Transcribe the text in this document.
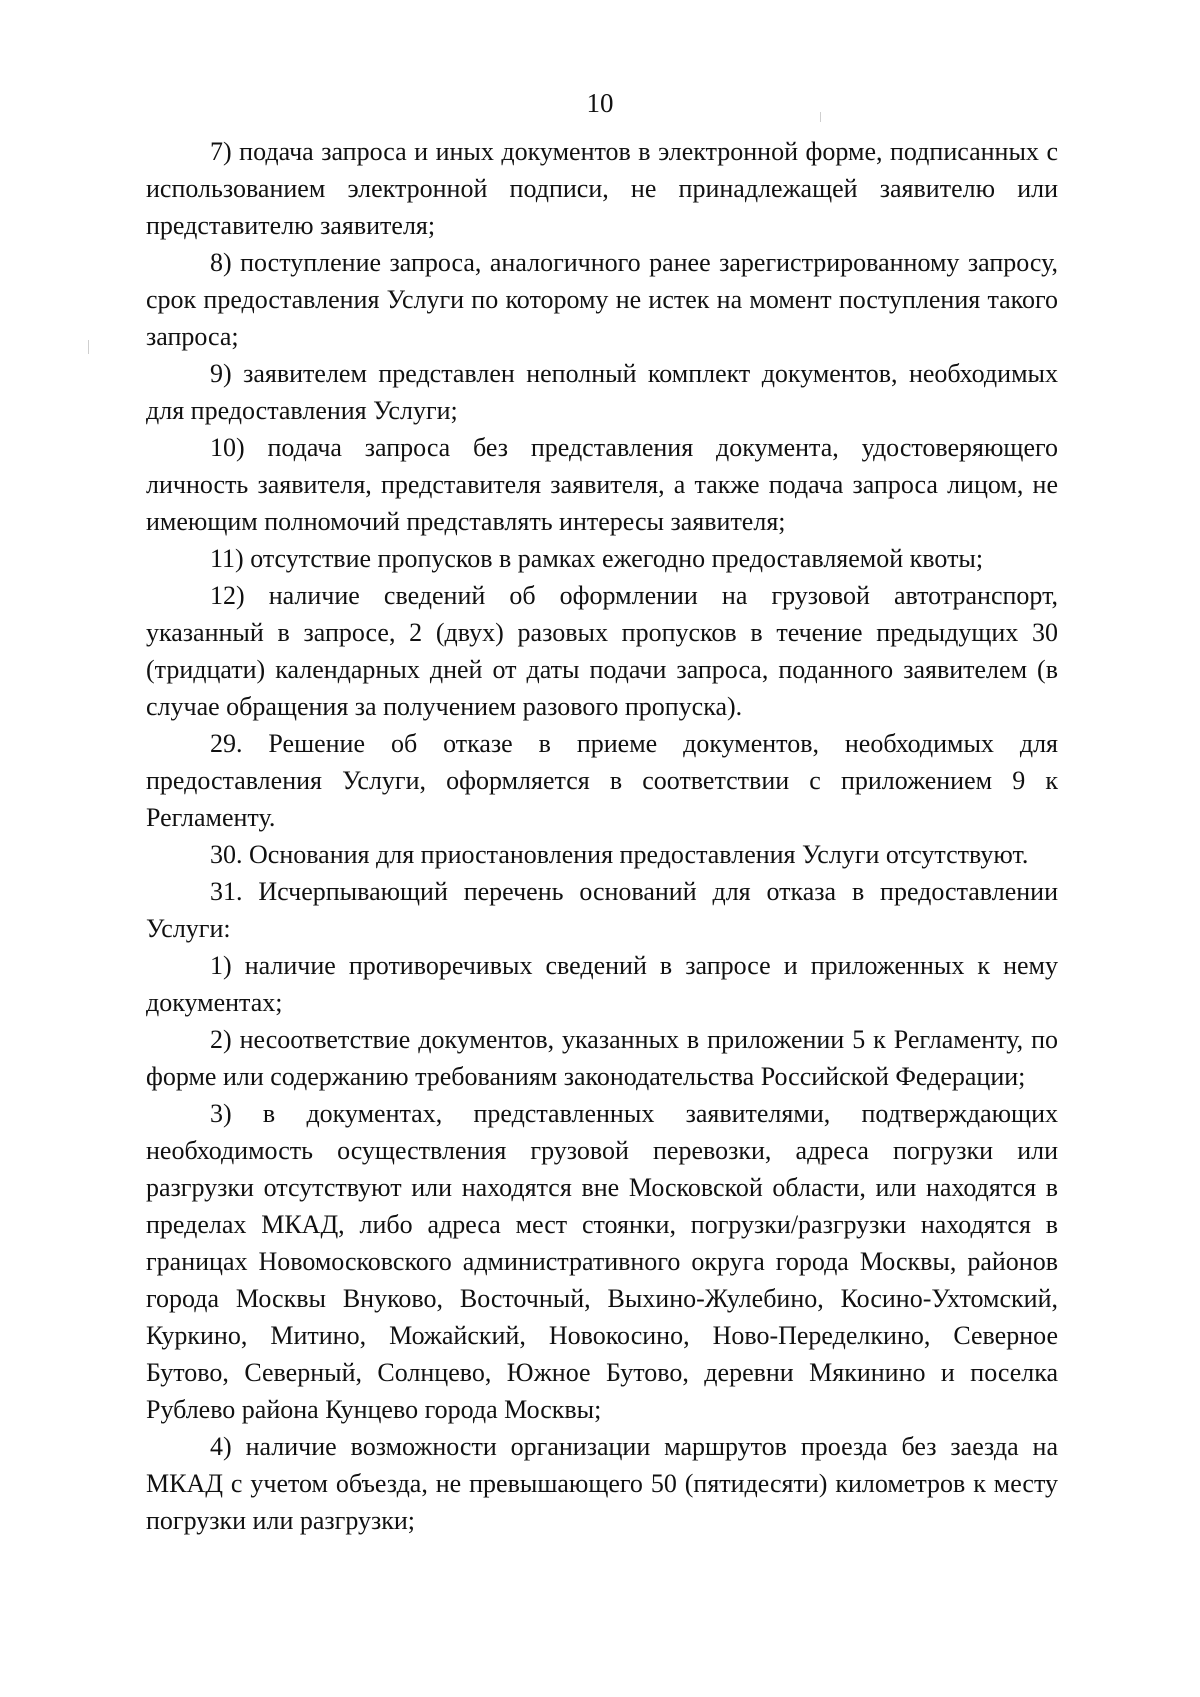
10

7) подача запроса и иных документов в электронной форме, подписанных с использованием электронной подписи, не принадлежащей заявителю или представителю заявителя;

8) поступление запроса, аналогичного ранее зарегистрированному запросу, срок предоставления Услуги по которому не истек на момент поступления такого запроса;

9) заявителем представлен неполный комплект документов, необходимых для предоставления Услуги;

10) подача запроса без представления документа, удостоверяющего личность заявителя, представителя заявителя, а также подача запроса лицом, не имеющим полномочий представлять интересы заявителя;

11) отсутствие пропусков в рамках ежегодно предоставляемой квоты;

12) наличие сведений об оформлении на грузовой автотранспорт, указанный в запросе, 2 (двух) разовых пропусков в течение предыдущих 30 (тридцати) календарных дней от даты подачи запроса, поданного заявителем (в случае обращения за получением разового пропуска).

29. Решение об отказе в приеме документов, необходимых для предоставления Услуги, оформляется в соответствии с приложением 9 к Регламенту.

30. Основания для приостановления предоставления Услуги отсутствуют.

31. Исчерпывающий перечень оснований для отказа в предоставлении Услуги:

1) наличие противоречивых сведений в запросе и приложенных к нему документах;

2) несоответствие документов, указанных в приложении 5 к Регламенту, по форме или содержанию требованиям законодательства Российской Федерации;

3) в документах, представленных заявителями, подтверждающих необходимость осуществления грузовой перевозки, адреса погрузки или разгрузки отсутствуют или находятся вне Московской области, или находятся в пределах МКАД, либо адреса мест стоянки, погрузки/разгрузки находятся в границах Новомосковского административного округа города Москвы, районов города Москвы Внуково, Восточный, Выхино-Жулебино, Косино-Ухтомский, Куркино, Митино, Можайский, Новокосино, Ново-Переделкино, Северное Бутово, Северный, Солнцево, Южное Бутово, деревни Мякинино и поселка Рублево района Кунцево города Москвы;

4) наличие возможности организации маршрутов проезда без заезда на МКАД с учетом объезда, не превышающего 50 (пятидесяти) километров к месту погрузки или разгрузки;
